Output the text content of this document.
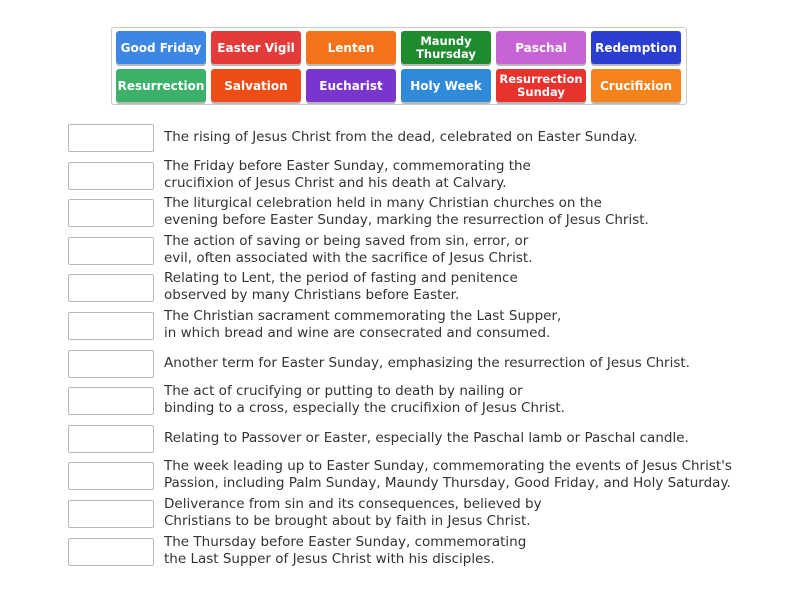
Good Friday	Easter Vigil	Lenten	Maundy
Thursday	Paschal	Redemption
Resurrection	Salvation	Eucharist	Holy Week	Resurrection
Sunday	Crucifixion
The rising of Jesus Christ from the dead, celebrated on Easter Sunday.
The Friday before Easter Sunday, commemorating the
crucifixion of Jesus Christ and his death at Calvary.
The liturgical celebration held in many Christian churches on the
evening before Easter Sunday, marking the resurrection of Jesus Christ.
The action of saving or being saved from sin, error, or
evil, often associated with the sacrifice of Jesus Christ.
Relating to Lent, the period of fasting and penitence
observed by many Christians before Easter.
The Christian sacrament commemorating the Last Supper,
in which bread and wine are consecrated and consumed.
Another term for Easter Sunday, emphasizing the resurrection of Jesus Christ.
The act of crucifying or putting to death by nailing or
binding to a cross, especially the crucifixion of Jesus Christ.
Relating to Passover or Easter, especially the Paschal lamb or Paschal candle.
The week leading up to Easter Sunday, commemorating the events of Jesus Christ's
Passion, including Palm Sunday, Maundy Thursday, Good Friday, and Holy Saturday.
Deliverance from sin and its consequences, believed by
Christians to be brought about by faith in Jesus Christ.
The Thursday before Easter Sunday, commemorating
the Last Supper of Jesus Christ with his disciples.
